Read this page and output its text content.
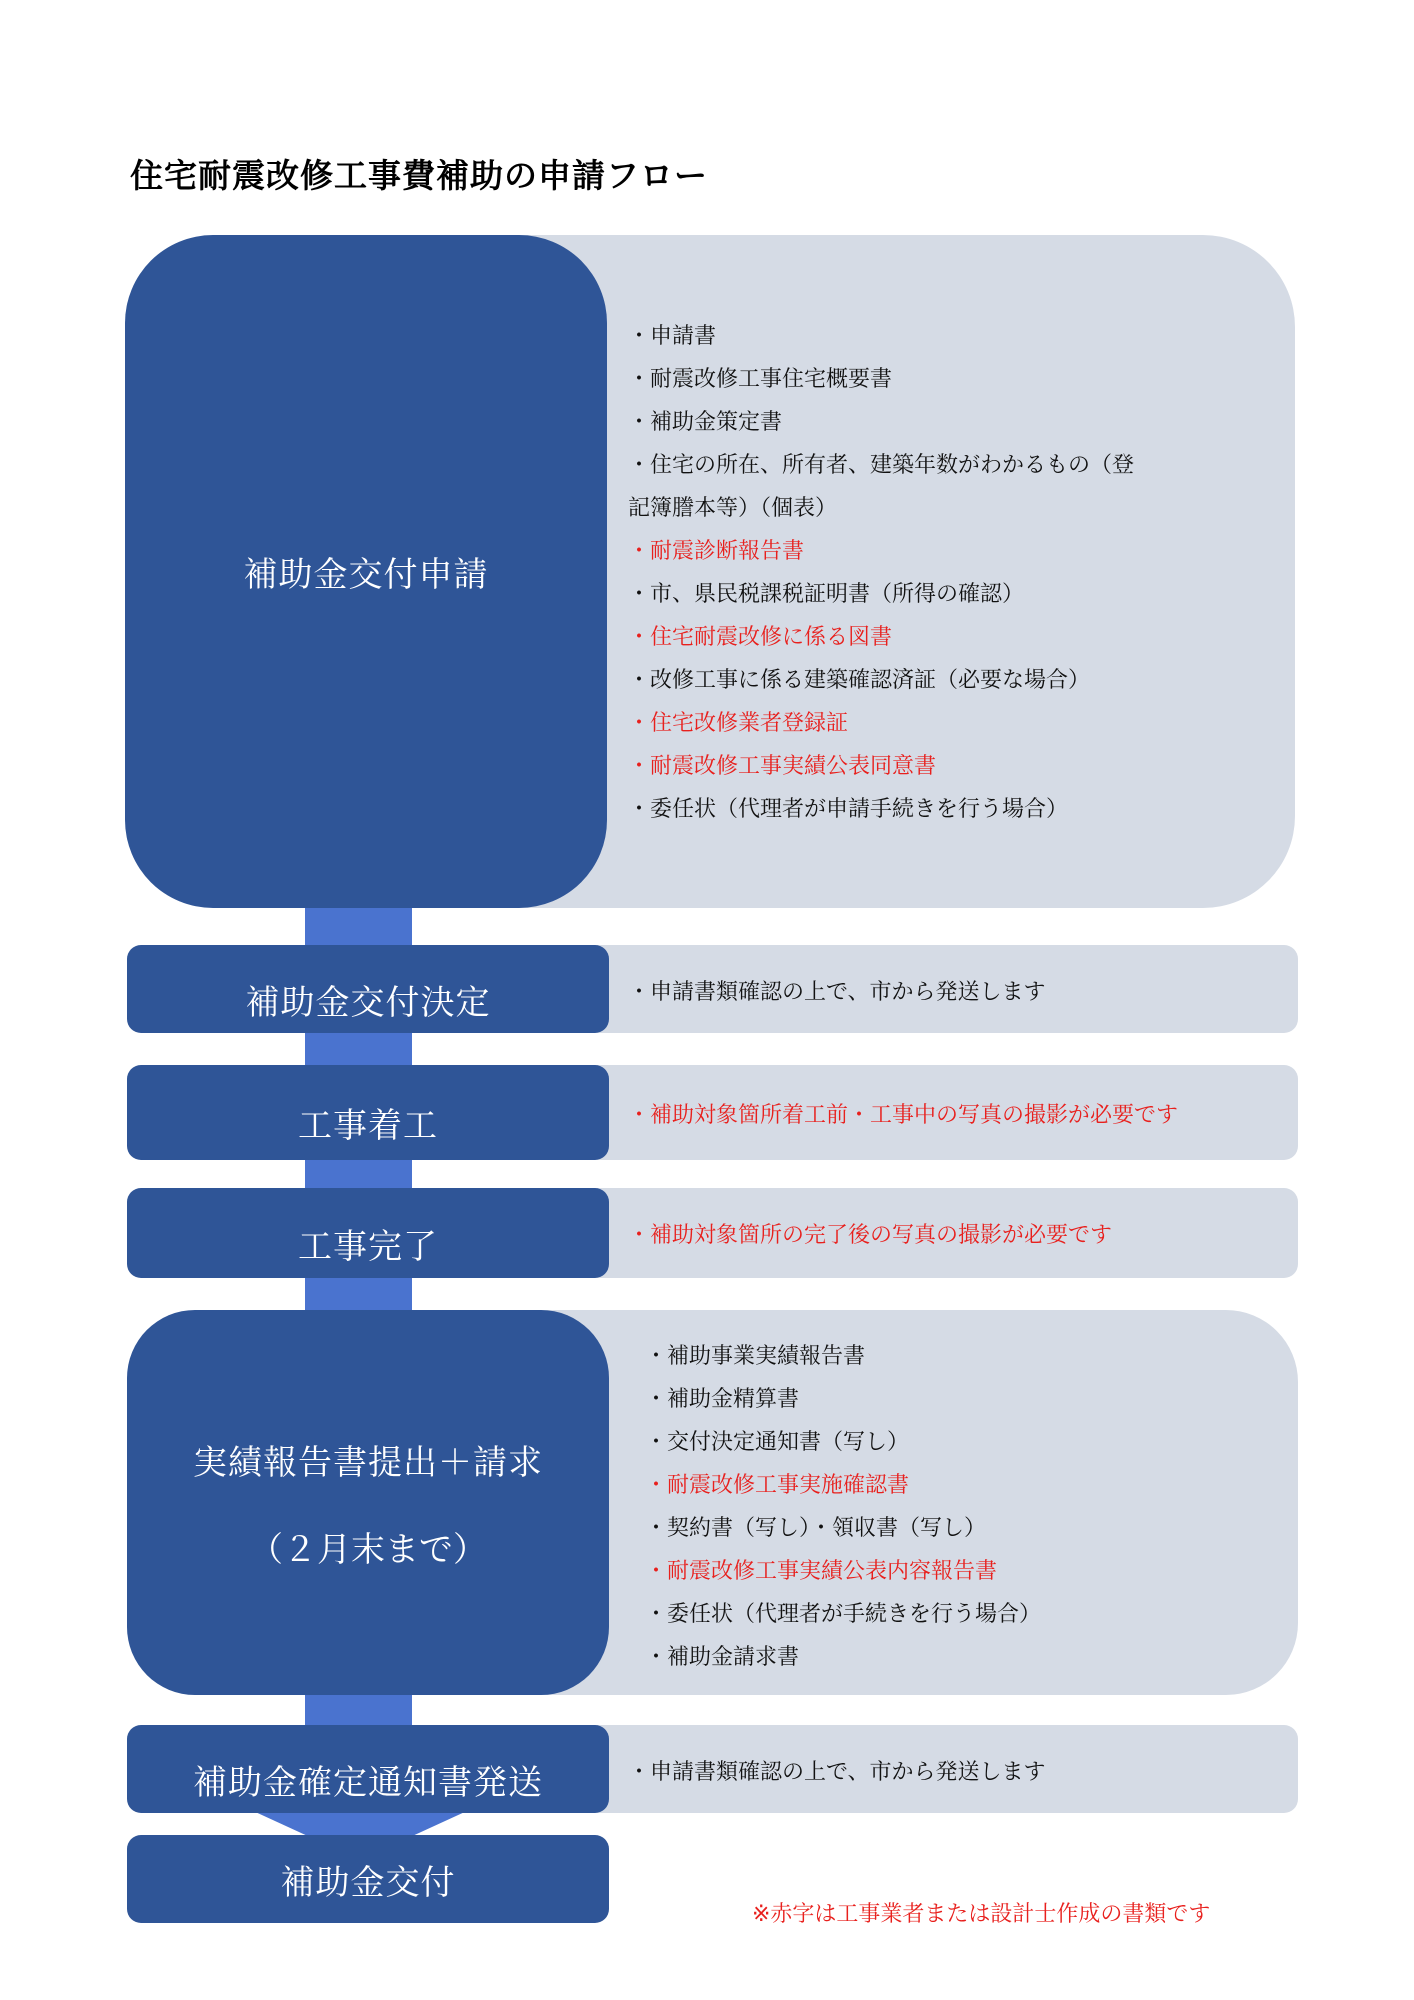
住宅耐震改修工事費補助の申請フロー
補助金交付申請
・申請書
・耐震改修工事住宅概要書
・補助金策定書
・住宅の所在、所有者、建築年数がわかるもの（登
記簿謄本等）（個表）
・耐震診断報告書
・市、県民税課税証明書（所得の確認）
・住宅耐震改修に係る図書
・改修工事に係る建築確認済証（必要な場合）
・住宅改修業者登録証
・耐震改修工事実績公表同意書
・委任状（代理者が申請手続きを行う場合）
補助金交付決定	・申請書類確認の上で、市から発送します
工事着工	・補助対象箇所着工前・工事中の写真の撮影が必要です
工事完了	・補助対象箇所の完了後の写真の撮影が必要です
実績報告書提出＋請求
（２月末まで）
・補助事業実績報告書
・補助金精算書
・交付決定通知書（写し）
・耐震改修工事実施確認書
・契約書（写し）・領収書（写し）
・耐震改修工事実績公表内容報告書
・委任状（代理者が手続きを行う場合）
・補助金請求書
補助金確定通知書発送	・申請書類確認の上で、市から発送します
補助金交付
※赤字は工事業者または設計士作成の書類です
